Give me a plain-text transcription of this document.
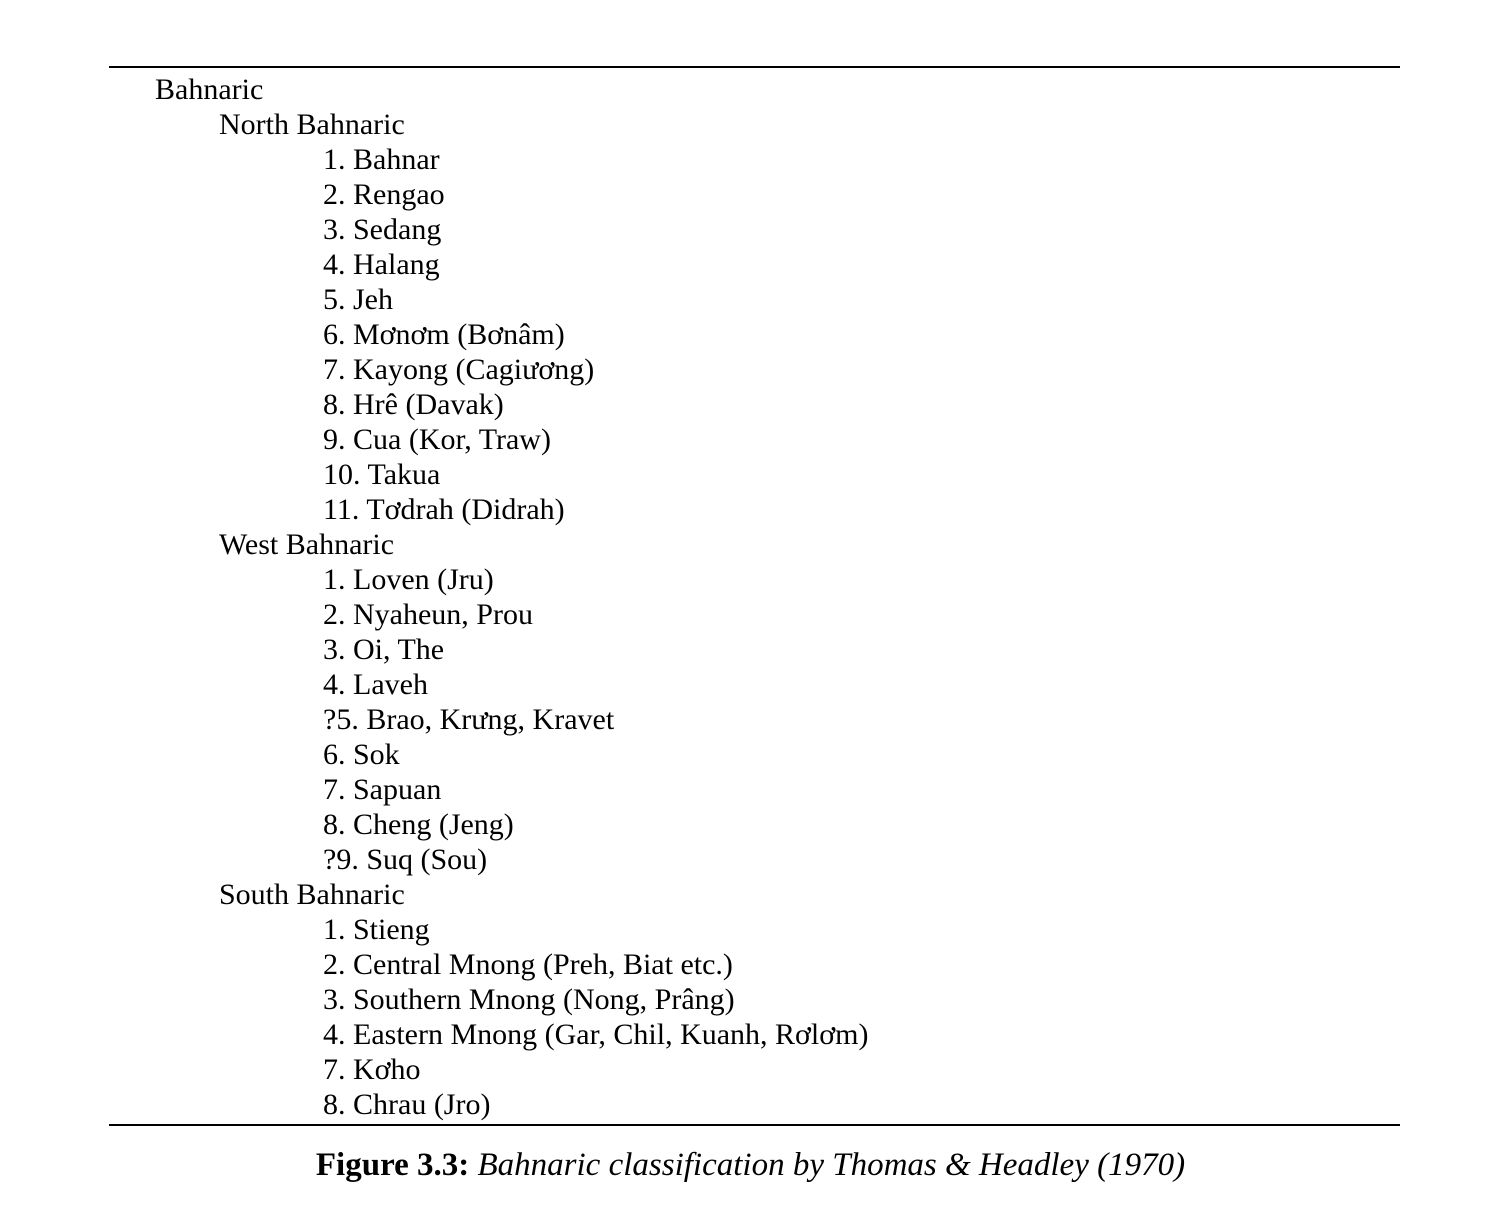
Bahnaric
North Bahnaric
1. Bahnar
2. Rengao
3. Sedang
4. Halang
5. Jeh
6. Mơnơm (Bơnâm)
7. Kayong (Cagiương)
8. Hrê (Davak)
9. Cua (Kor, Traw)
10. Takua
11. Tơdrah (Didrah)
West Bahnaric
1. Loven (Jru)
2. Nyaheun, Prou
3. Oi, The
4. Laveh
?5. Brao, Krưng, Kravet
6. Sok
7. Sapuan
8. Cheng (Jeng)
?9. Suq (Sou)
South Bahnaric
1. Stieng
2. Central Mnong (Preh, Biat etc.)
3. Southern Mnong (Nong, Prâng)
4. Eastern Mnong (Gar, Chil, Kuanh, Rơlơm)
7. Kơho
8. Chrau (Jro)
Figure 3.3: Bahnaric classification by Thomas & Headley (1970)
